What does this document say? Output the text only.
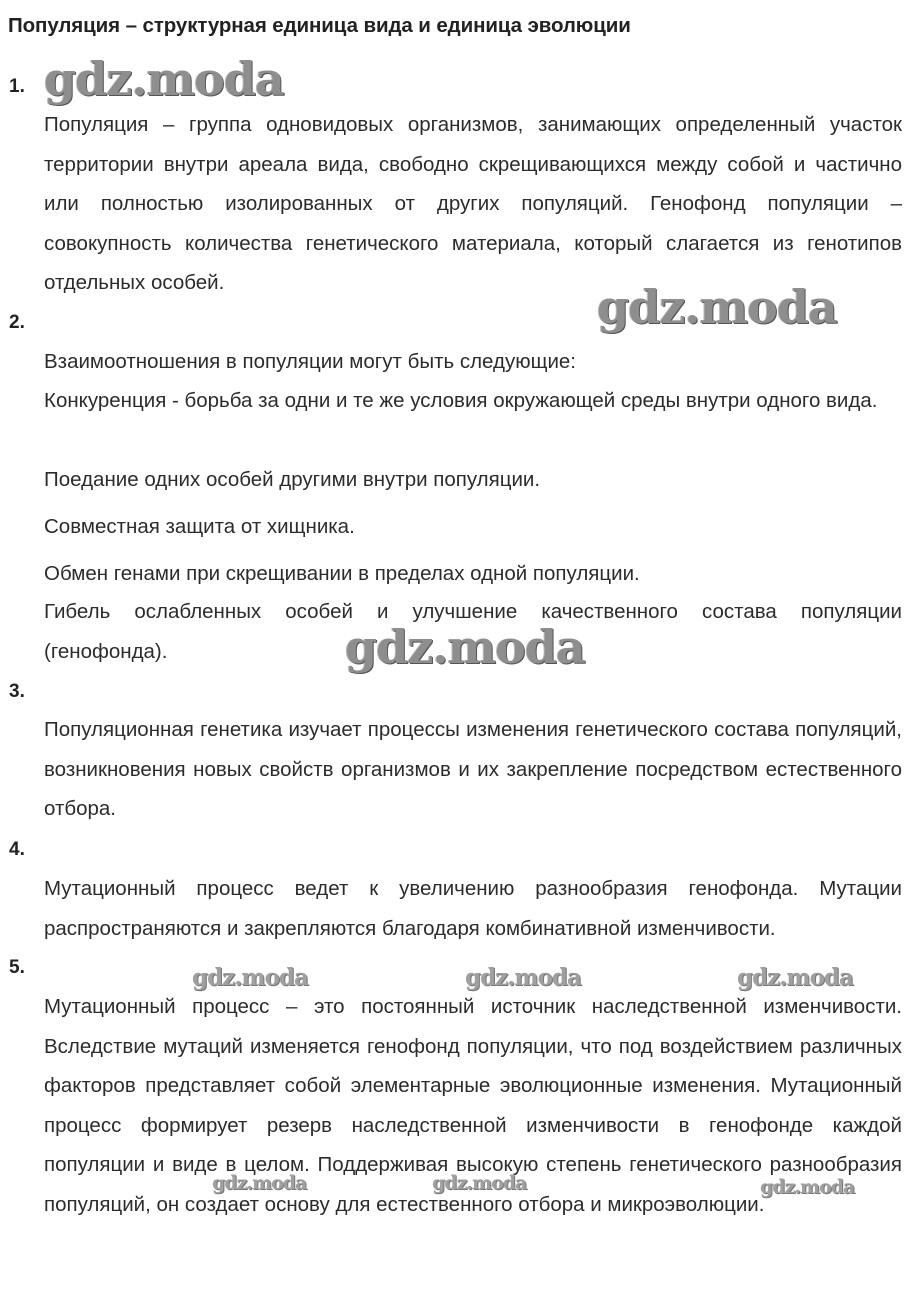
Популяция – структурная единица вида и единица эволюции
1. gdz.moda
Популяция – группа одновидовых организмов, занимающих определенный участок территории внутри ареала вида, свободно скрещивающихся между собой и частично или полностью изолированных от других популяций. Генофонд популяции – совокупность количества генетического материала, который слагается из генотипов отдельных особей.
2.	gdz.moda
Взаимоотношения в популяции могут быть следующие:
Конкуренция - борьба за одни и те же условия окружающей среды внутри одного вида.
Поедание одних особей другими внутри популяции.
Совместная защита от хищника.
Обмен генами при скрещивании в пределах одной популяции.
Гибель ослабленных особей и улучшение качественного состава популяции (генофонда).	gdz.moda
3.
Популяционная генетика изучает процессы изменения генетического состава популяций, возникновения новых свойств организмов и их закрепление посредством естественного отбора.
4.
Мутационный процесс ведет к увеличению разнообразия генофонда. Мутации распространяются и закрепляются благодаря комбинативной изменчивости.
5.	gdz.moda	gdz.moda	gdz.moda
Мутационный процесс – это постоянный источник наследственной изменчивости. Вследствие мутаций изменяется генофонд популяции, что под воздействием различных факторов представляет собой элементарные эволюционные изменения. Мутационный процесс формирует резерв наследственной изменчивости в генофонде каждой популяции и виде в целом. Поддерживая высокую степень генетического разнообразия популяций, он создает основу для естественного отбора и микроэволюции.
gdz.moda	gdz.moda	gdz.moda
